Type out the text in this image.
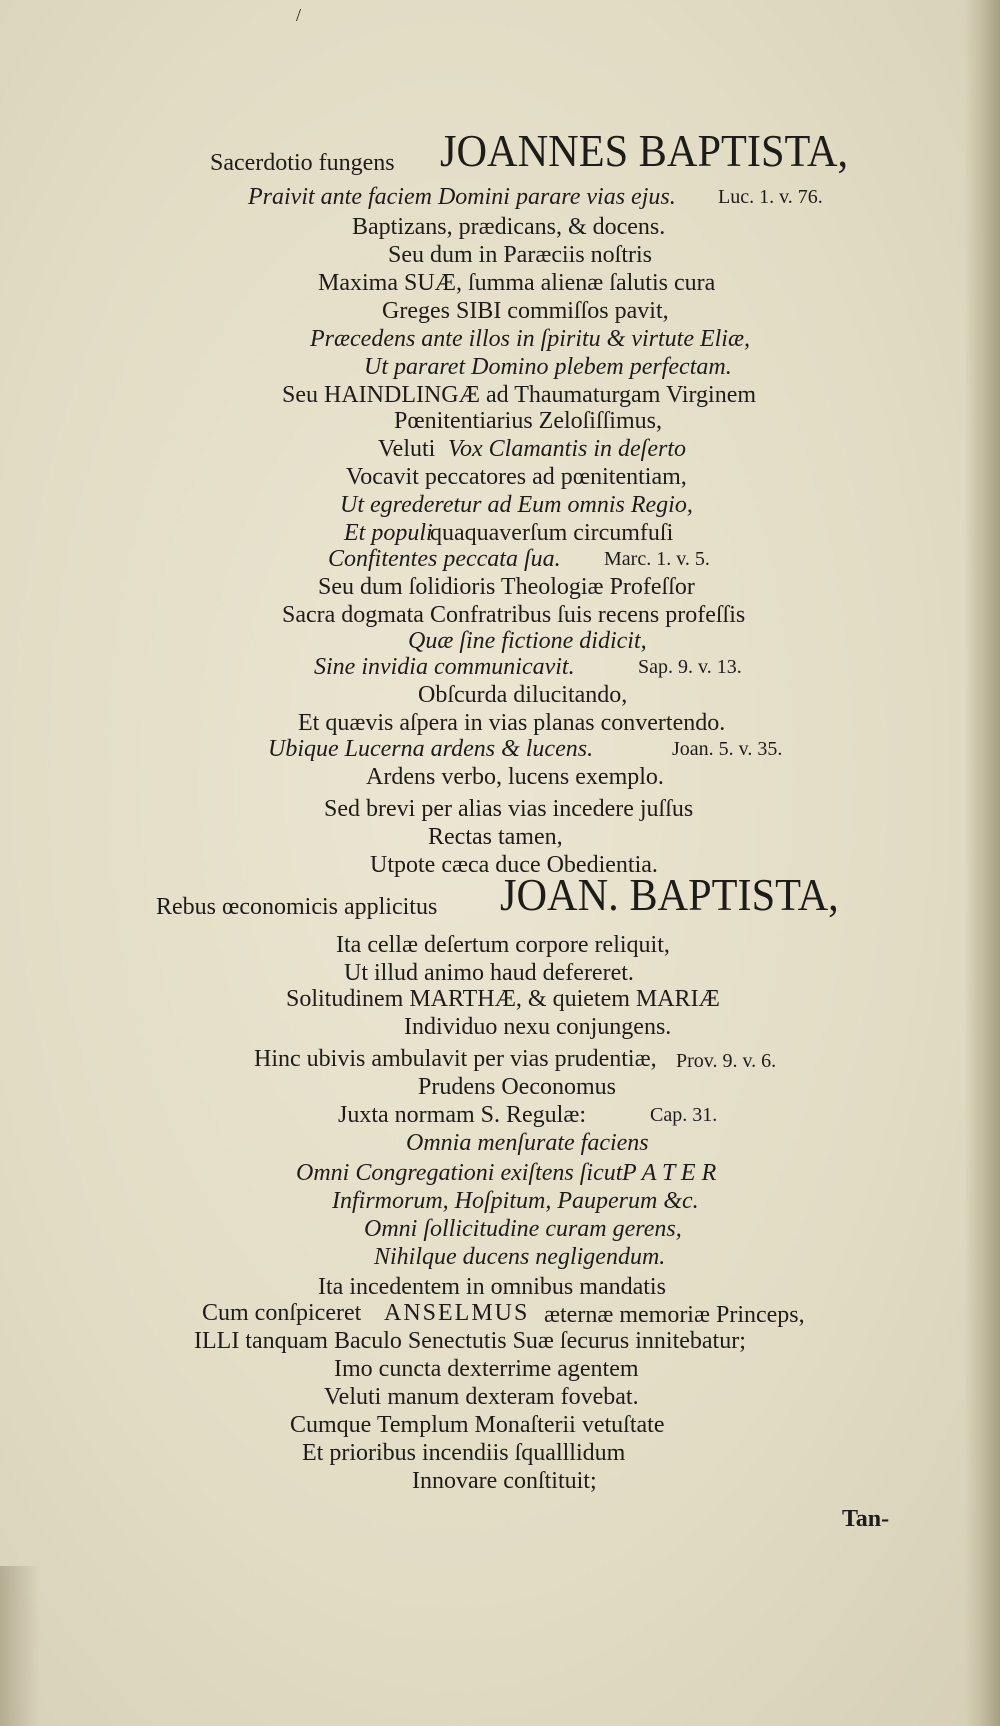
/
Sacerdotio fungens JOANNES BAPTISTA,
Praivit ante faciem Domini parare vias ejus. Luc. 1. v. 76.
Baptizans, prædicans, & docens.
Seu dum in Paræciis noſtris
Maxima SUÆ, ſumma alienæ ſalutis cura
Greges SIBI commiſſos pavit,
Præcedens ante illos in ſpiritu & virtute Eliæ,
Ut pararet Domino plebem perfectam.
Seu HAINDLINGÆ ad Thaumaturgam Virginem
Pœnitentiarius Zeloſiſſimus,
Veluti Vox Clamantis in deſerto
Vocavit peccatores ad pœnitentiam,
Ut egrederetur ad Eum omnis Regio,
Et populi
quaquaverſum circumfuſi
Confitentes peccata ſua. Marc. 1. v. 5.
Seu dum ſolidioris Theologiæ Profeſſor
Sacra dogmata Confratribus ſuis recens profeſſis
Quæ ſine fictione didicit,
Sine invidia communicavit.	Sap. 9. v. 13.
Obſcurda dilucitando,
Et quævis aſpera in vias planas convertendo.
Ubique Lucerna ardens & lucens.	Joan. 5. v. 35.
Ardens verbo, lucens exemplo.
Sed brevi per alias vias incedere juſſus
Rectas tamen,
Utpote cæca duce Obedientia.
Rebus œconomicis applicitus JOAN. BAPTISTA,
Ita cellæ deſertum corpore reliquit,
Ut illud animo haud defereret.
Solitudinem MARTHÆ, & quietem MARIÆ
Individuo nexu conjungens.
Hinc ubivis ambulavit per vias prudentiæ, Prov. 9. v. 6.
Prudens Oeconomus
Juxta normam S. Regulæ:	Cap. 31.
Omnia menſurate faciens
Omni Congregationi exiſtens ſicut P A T E R
Infirmorum, Hoſpitum, Pauperum &c.
Omni ſollicitudine curam gerens,
Nihilque ducens negligendum.
Ita incedentem in omnibus mandatis
Cum conſpiceret ANSELMUS æternæ memoriæ Princeps,
ILLI tanquam Baculo Senectutis Suæ ſecurus innitebatur;
Imo cuncta dexterrime agentem
Veluti manum dexteram fovebat.
Cumque Templum Monaſterii vetuſtate
Et prioribus incendiis ſqualllidum
Innovare conſtituit;
Tan-
